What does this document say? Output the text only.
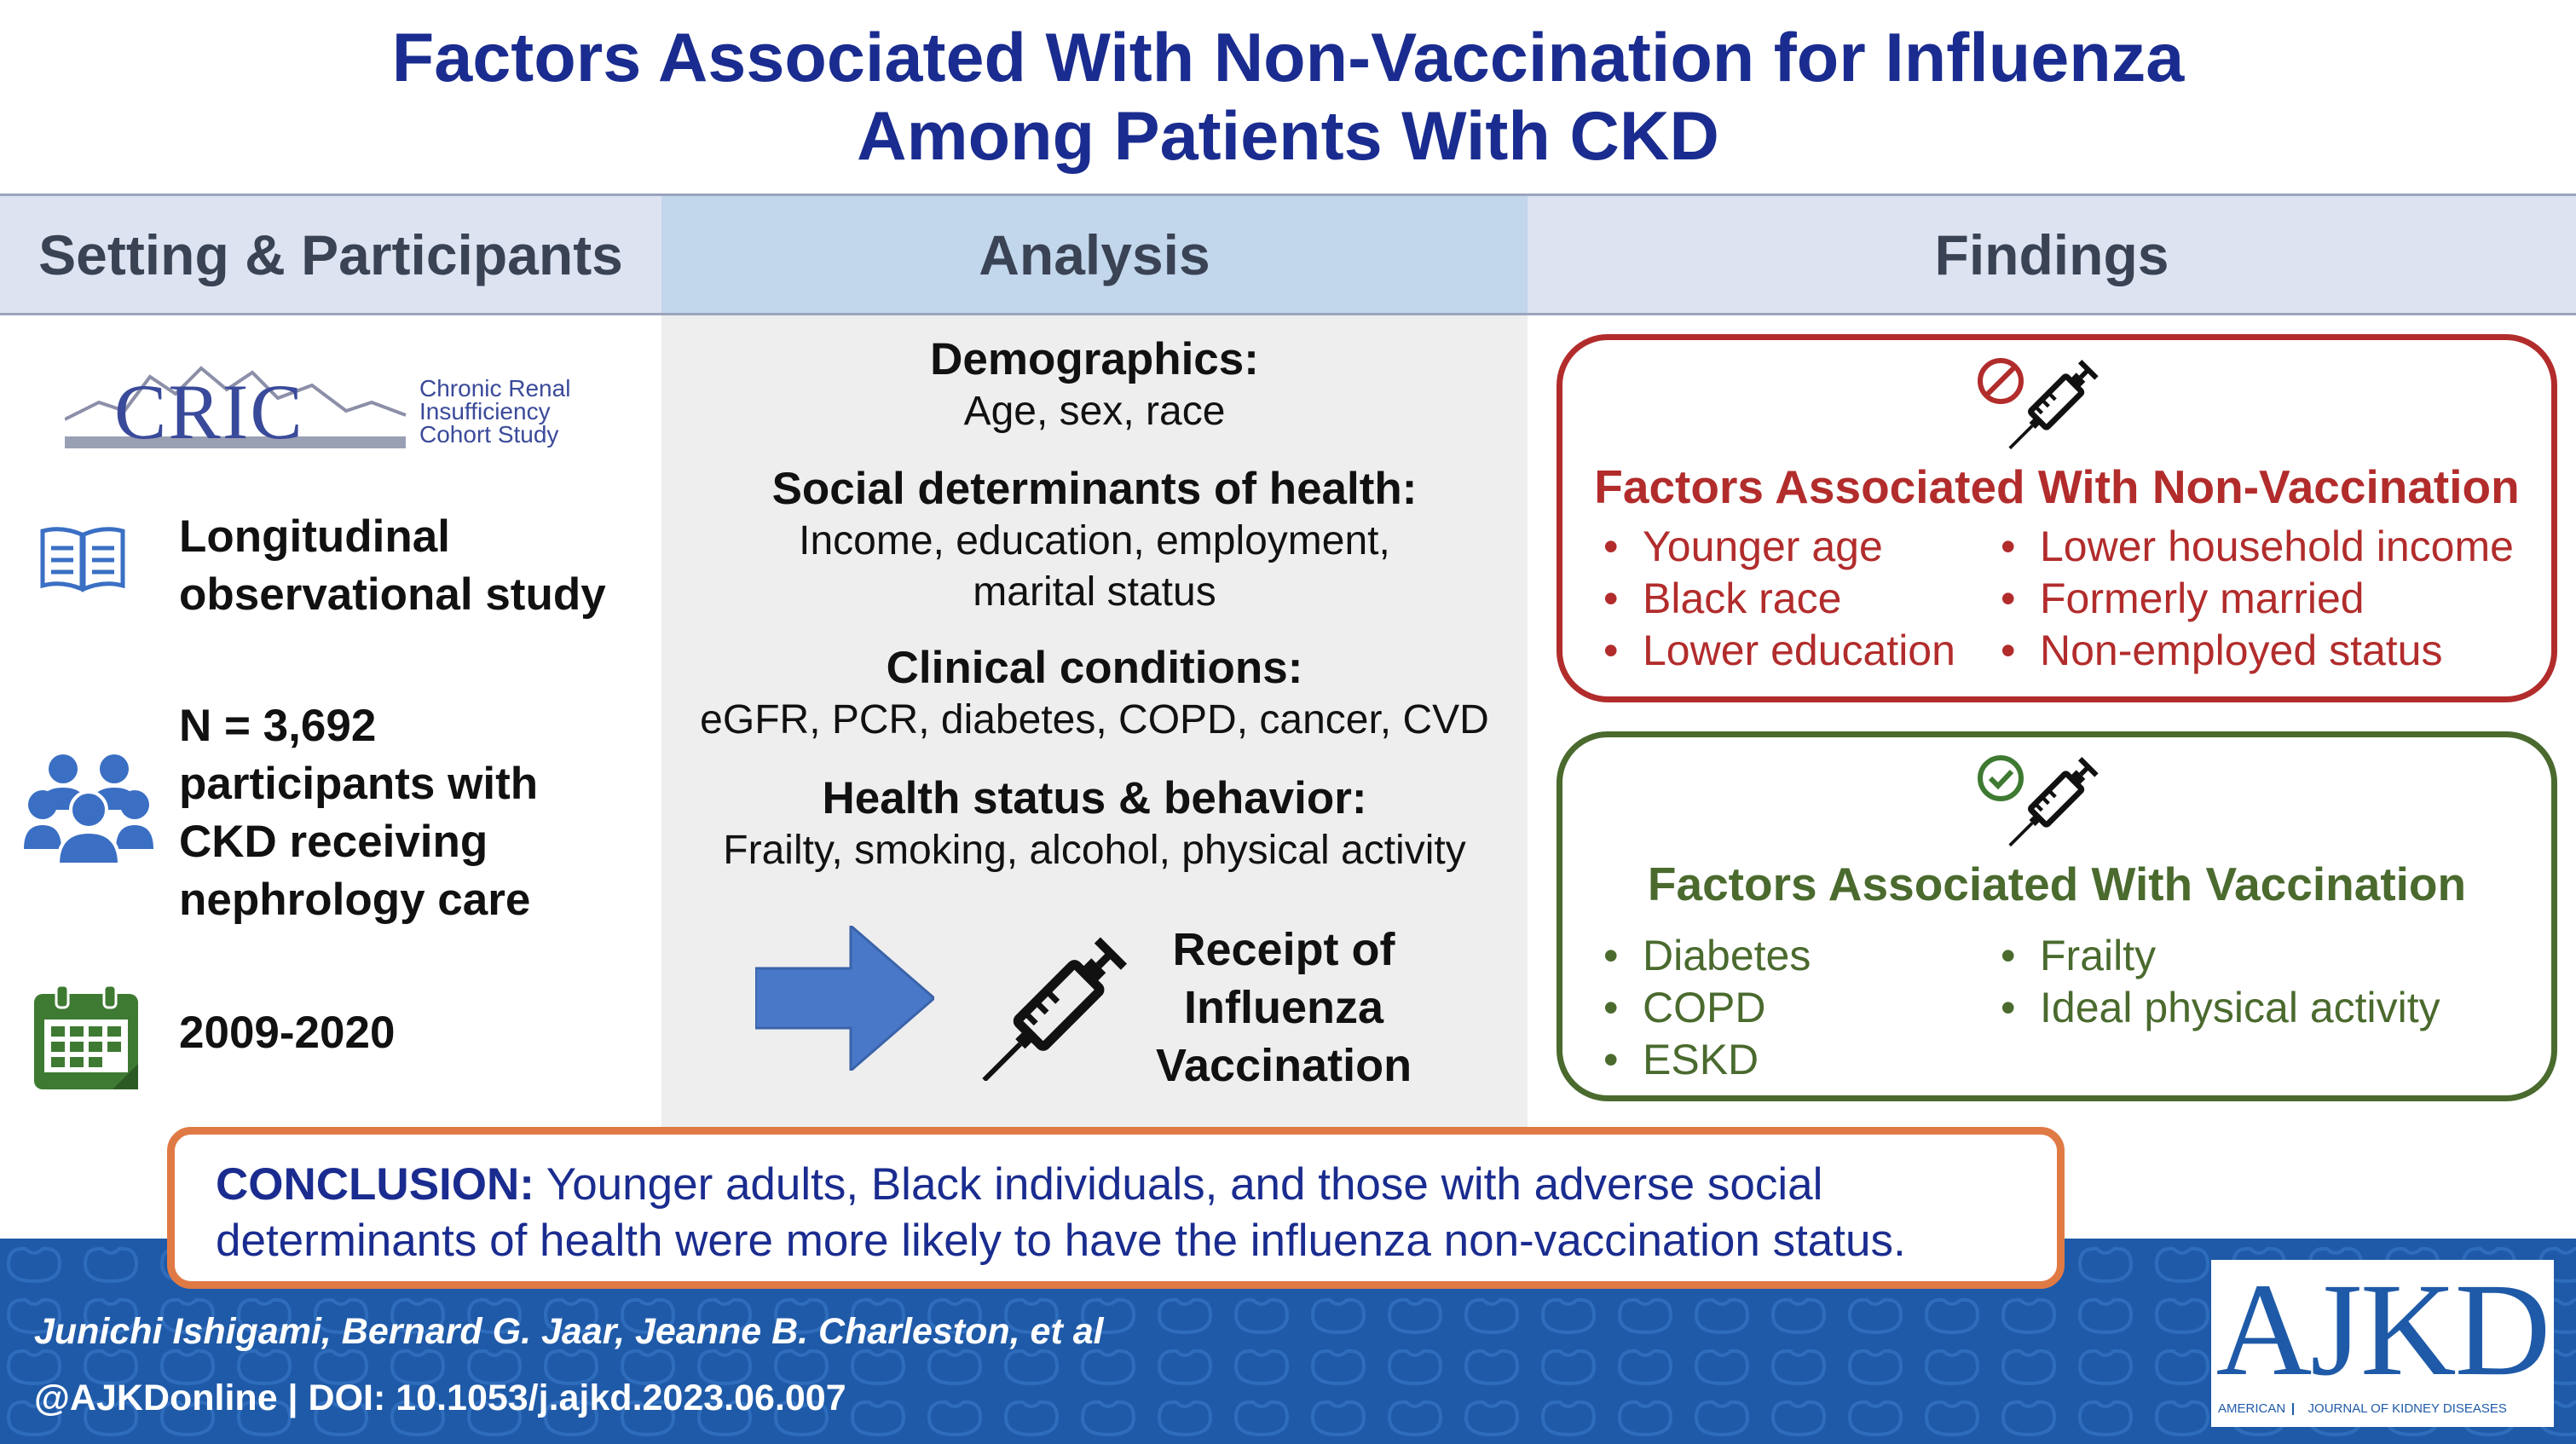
Factors Associated With Non-Vaccination for Influenza
Among Patients With CKD
Setting & Participants	Analysis	Findings
CRIC	Chronic Renal
Insufficiency
Cohort Study
Longitudinal
observational study
N = 3,692
participants with
CKD receiving
nephrology care
2009-2020
Demographics:
Age, sex, race
Social determinants of health:
Income, education, employment,
marital status
Clinical conditions:
eGFR, PCR, diabetes, COPD, cancer, CVD
Health status & behavior:
Frailty, smoking, alcohol, physical activity
Receipt of
Influenza
Vaccination
Factors Associated With Non-Vaccination
• Younger age
• Black race
• Lower education
• Lower household income
• Formerly married
• Non-employed status
Factors Associated With Vaccination
• Diabetes
• COPD
• ESKD
• Frailty
• Ideal physical activity
CONCLUSION: Younger adults, Black individuals, and those with adverse social determinants of health were more likely to have the influenza non-vaccination status.
Junichi Ishigami, Bernard G. Jaar, Jeanne B. Charleston, et al
@AJKDonline | DOI: 10.1053/j.ajkd.2023.06.007	AJKD
AMERICAN JOURNAL OF KIDNEY DISEASES
